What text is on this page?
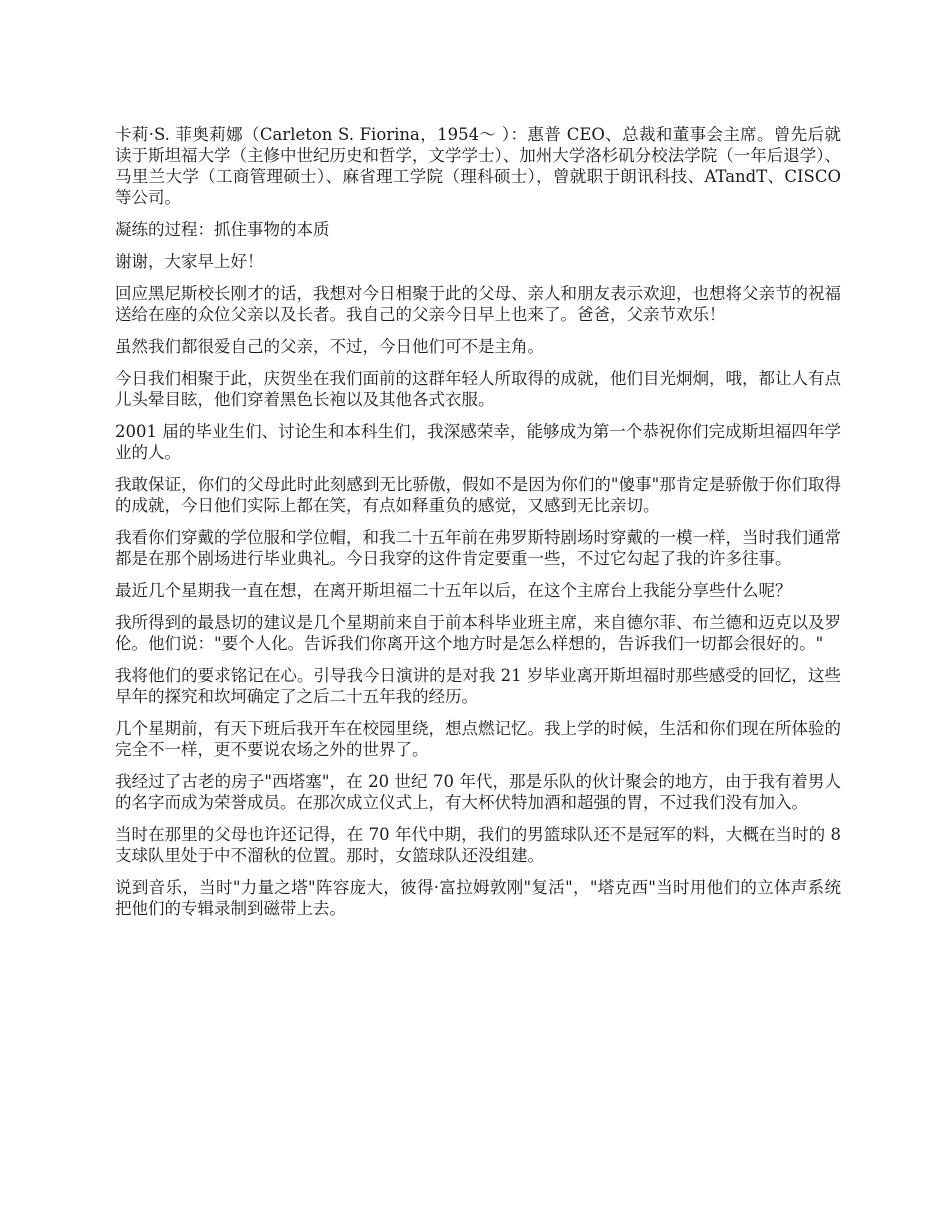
卡莉·S. 菲奥莉娜（Carleton S. Fiorina，1954～ ）：惠普 CEO、总裁和董事会主席。曾先后就读于斯坦福大学（主修中世纪历史和哲学，文学学士）、加州大学洛杉矶分校法学院（一年后退学）、马里兰大学（工商管理硕士）、麻省理工学院（理科硕士），曾就职于朗讯科技、ATandT、CISCO 等公司。

凝练的过程：抓住事物的本质

谢谢，大家早上好！

回应黑尼斯校长刚才的话，我想对今日相聚于此的父母、亲人和朋友表示欢迎，也想将父亲节的祝福送给在座的众位父亲以及长者。我自己的父亲今日早上也来了。爸爸，父亲节欢乐！

虽然我们都很爱自己的父亲，不过，今日他们可不是主角。

今日我们相聚于此，庆贺坐在我们面前的这群年轻人所取得的成就，他们目光炯炯，哦，都让人有点儿头晕目眩，他们穿着黑色长袍以及其他各式衣服。

2001 届的毕业生们、讨论生和本科生们，我深感荣幸，能够成为第一个恭祝你们完成斯坦福四年学业的人。

我敢保证，你们的父母此时此刻感到无比骄傲，假如不是因为你们的"傻事"那肯定是骄傲于你们取得的成就，今日他们实际上都在笑，有点如释重负的感觉，又感到无比亲切。

我看你们穿戴的学位服和学位帽，和我二十五年前在弗罗斯特剧场时穿戴的一模一样，当时我们通常都是在那个剧场进行毕业典礼。今日我穿的这件肯定要重一些，不过它勾起了我的许多往事。

最近几个星期我一直在想，在离开斯坦福二十五年以后，在这个主席台上我能分享些什么呢？

我所得到的最恳切的建议是几个星期前来自于前本科毕业班主席，来自德尔菲、布兰德和迈克以及罗伦。他们说："要个人化。告诉我们你离开这个地方时是怎么样想的，告诉我们一切都会很好的。"

我将他们的要求铭记在心。引导我今日演讲的是对我 21 岁毕业离开斯坦福时那些感受的回忆，这些早年的探究和坎坷确定了之后二十五年我的经历。

几个星期前，有天下班后我开车在校园里绕，想点燃记忆。我上学的时候，生活和你们现在所体验的完全不一样，更不要说农场之外的世界了。

我经过了古老的房子"西塔塞"，在 20 世纪 70 年代，那是乐队的伙计聚会的地方，由于我有着男人的名字而成为荣誉成员。在那次成立仪式上，有大杯伏特加酒和超强的胃，不过我们没有加入。

当时在那里的父母也许还记得，在 70 年代中期，我们的男篮球队还不是冠军的料，大概在当时的 8 支球队里处于中不溜秋的位置。那时，女篮球队还没组建。

说到音乐，当时"力量之塔"阵容庞大，彼得·富拉姆敦刚"复活"，"塔克西"当时用他们的立体声系统把他们的专辑录制到磁带上去。
